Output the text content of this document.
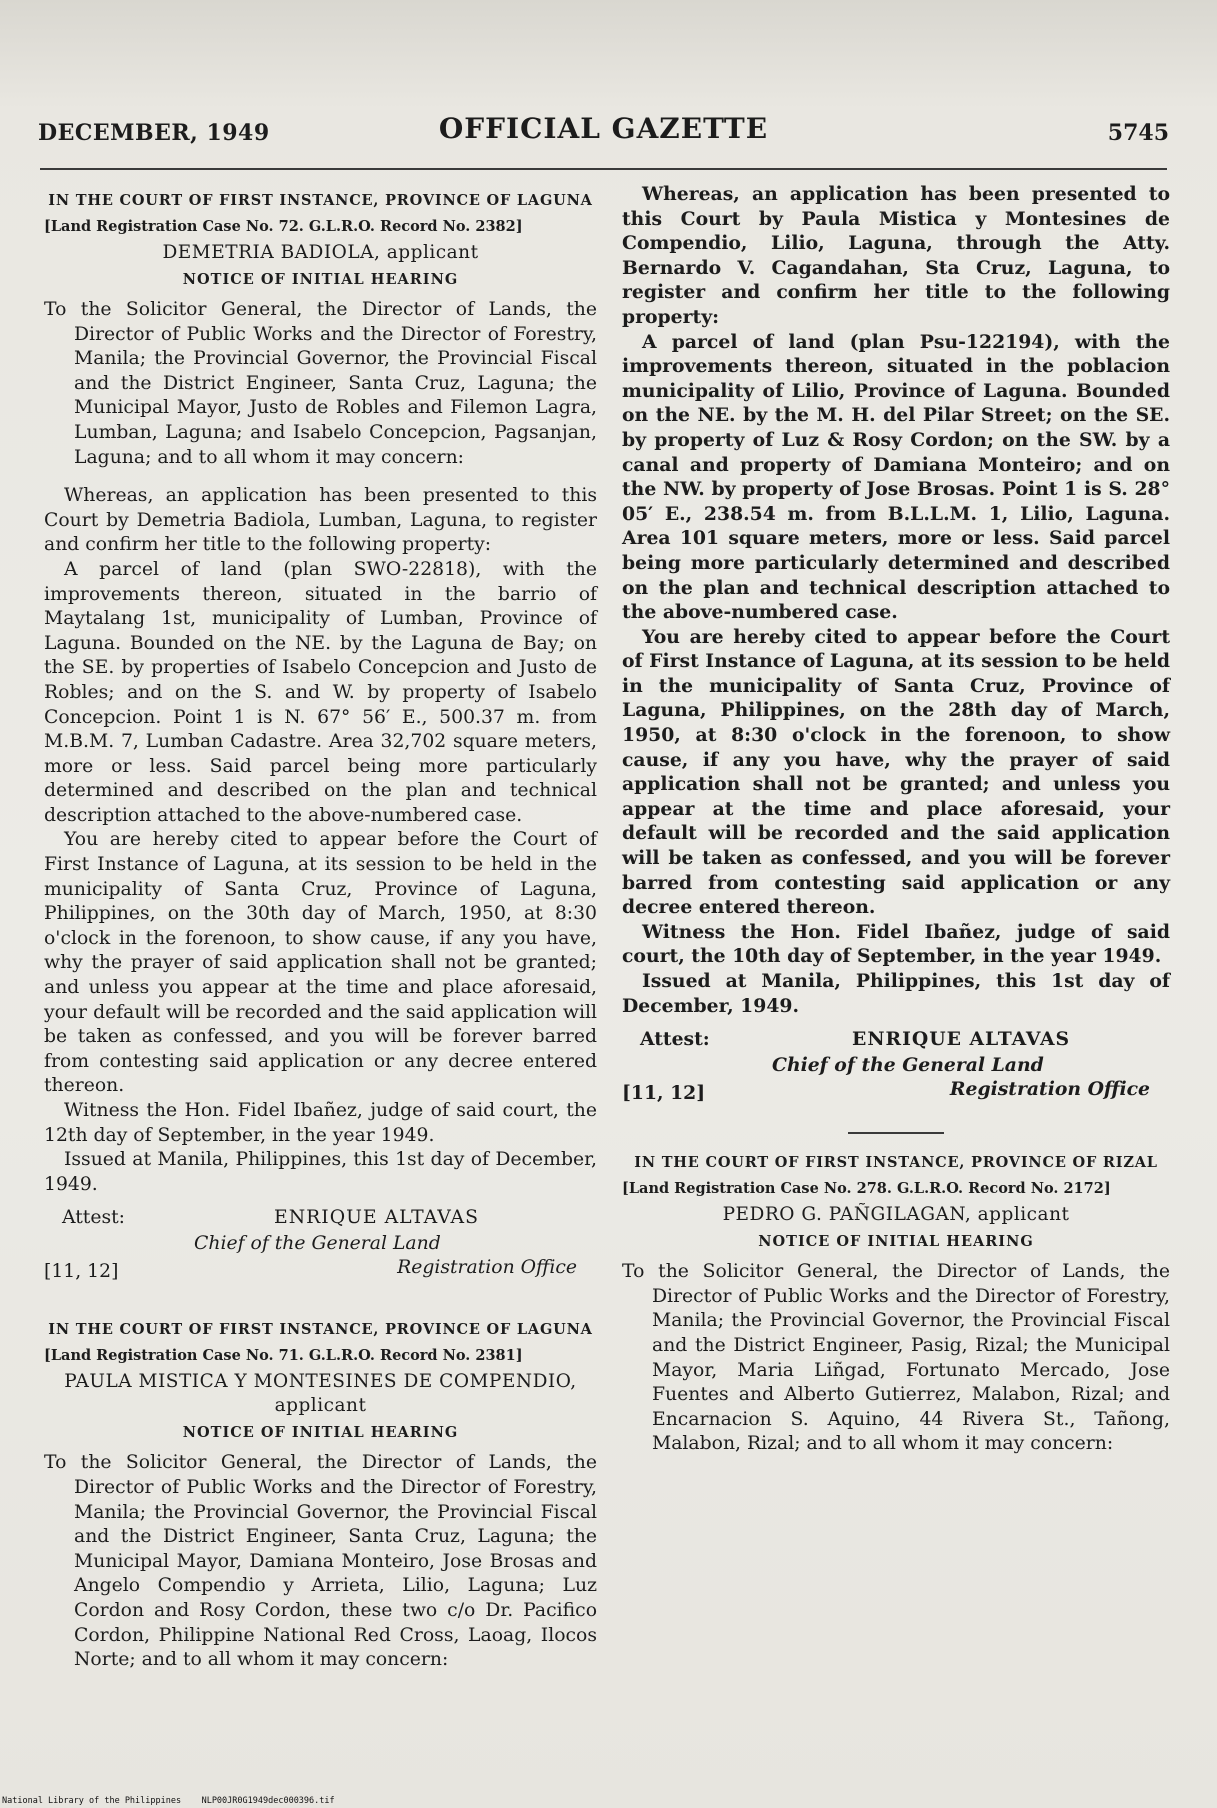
DECEMBER, 1949	OFFICIAL GAZETTE	5745
IN THE COURT OF FIRST INSTANCE, PROVINCE OF LAGUNA
[Land Registration Case No. 72. G.L.R.O. Record No. 2382]
DEMETRIA BADIOLA, applicant
NOTICE OF INITIAL HEARING
To the Solicitor General, the Director of Lands, the Director of Public Works and the Director of Forestry, Manila; the Provincial Governor, the Provincial Fiscal and the District Engineer, Santa Cruz, Laguna; the Municipal Mayor, Justo de Robles and Filemon Lagra, Lumban, Laguna; and Isabelo Concepcion, Pagsanjan, Laguna; and to all whom it may concern:

Whereas, an application has been presented to this Court by Demetria Badiola, Lumban, Laguna, to register and confirm her title to the following property:

A parcel of land (plan SWO-22818), with the improvements thereon, situated in the barrio of Maytalang 1st, municipality of Lumban, Province of Laguna. Bounded on the NE. by the Laguna de Bay; on the SE. by properties of Isabelo Concepcion and Justo de Robles; and on the S. and W. by property of Isabelo Concepcion. Point 1 is N. 67° 56′ E., 500.37 m. from M.B.M. 7, Lumban Cadastre. Area 32,702 square meters, more or less. Said parcel being more particularly determined and described on the plan and technical description attached to the above-numbered case.

You are hereby cited to appear before the Court of First Instance of Laguna, at its session to be held in the municipality of Santa Cruz, Province of Laguna, Philippines, on the 30th day of March, 1950, at 8:30 o'clock in the forenoon, to show cause, if any you have, why the prayer of said application shall not be granted; and unless you appear at the time and place aforesaid, your default will be recorded and the said application will be taken as confessed, and you will be forever barred from contesting said application or any decree entered thereon.

Witness the Hon. Fidel Ibañez, judge of said court, the 12th day of September, in the year 1949.

Issued at Manila, Philippines, this 1st day of December, 1949.

Attest:	ENRIQUE ALTAVAS
Chief of the General Land
Registration Office
[11, 12]
IN THE COURT OF FIRST INSTANCE, PROVINCE OF LAGUNA
[Land Registration Case No. 71. G.L.R.O. Record No. 2381]
PAULA MISTICA Y MONTESINES DE COMPENDIO, applicant
NOTICE OF INITIAL HEARING
To the Solicitor General, the Director of Lands, the Director of Public Works and the Director of Forestry, Manila; the Provincial Governor, the Provincial Fiscal and the District Engineer, Santa Cruz, Laguna; the Municipal Mayor, Damiana Monteiro, Jose Brosas and Angelo Compendio y Arrieta, Lilio, Laguna; Luz Cordon and Rosy Cordon, these two c/o Dr. Pacifico Cordon, Philippine National Red Cross, Laoag, Ilocos Norte; and to all whom it may concern:

Whereas, an application has been presented to this Court by Paula Mistica y Montesines de Compendio, Lilio, Laguna, through the Atty. Bernardo V. Cagandahan, Sta Cruz, Laguna, to register and confirm her title to the following property:

A parcel of land (plan Psu-122194), with the improvements thereon, situated in the poblacion municipality of Lilio, Province of Laguna. Bounded on the NE. by the M. H. del Pilar Street; on the SE. by property of Luz & Rosy Cordon; on the SW. by a canal and property of Damiana Monteiro; and on the NW. by property of Jose Brosas. Point 1 is S. 28° 05′ E., 238.54 m. from B.L.L.M. 1, Lilio, Laguna. Area 101 square meters, more or less. Said parcel being more particularly determined and described on the plan and technical description attached to the above-numbered case.

You are hereby cited to appear before the Court of First Instance of Laguna, at its session to be held in the municipality of Santa Cruz, Province of Laguna, Philippines, on the 28th day of March, 1950, at 8:30 o'clock in the forenoon, to show cause, if any you have, why the prayer of said application shall not be granted; and unless you appear at the time and place aforesaid, your default will be recorded and the said application will be taken as confessed, and you will be forever barred from contesting said application or any decree entered thereon.

Witness the Hon. Fidel Ibañez, judge of said court, the 10th day of September, in the year 1949.

Issued at Manila, Philippines, this 1st day of December, 1949.

Attest:	ENRIQUE ALTAVAS
Chief of the General Land
Registration Office
[11, 12]
IN THE COURT OF FIRST INSTANCE, PROVINCE OF RIZAL
[Land Registration Case No. 278. G.L.R.O. Record No. 2172]
PEDRO G. PAÑGILAGAN, applicant
NOTICE OF INITIAL HEARING
To the Solicitor General, the Director of Lands, the Director of Public Works and the Director of Forestry, Manila; the Provincial Governor, the Provincial Fiscal and the District Engineer, Pasig, Rizal; the Municipal Mayor, Maria Liñgad, Fortunato Mercado, Jose Fuentes and Alberto Gutierrez, Malabon, Rizal; and Encarnacion S. Aquino, 44 Rivera St., Tañong, Malabon, Rizal; and to all whom it may concern:
National Library of the Philippines    NLP00JR0G1949dec000396.tif
